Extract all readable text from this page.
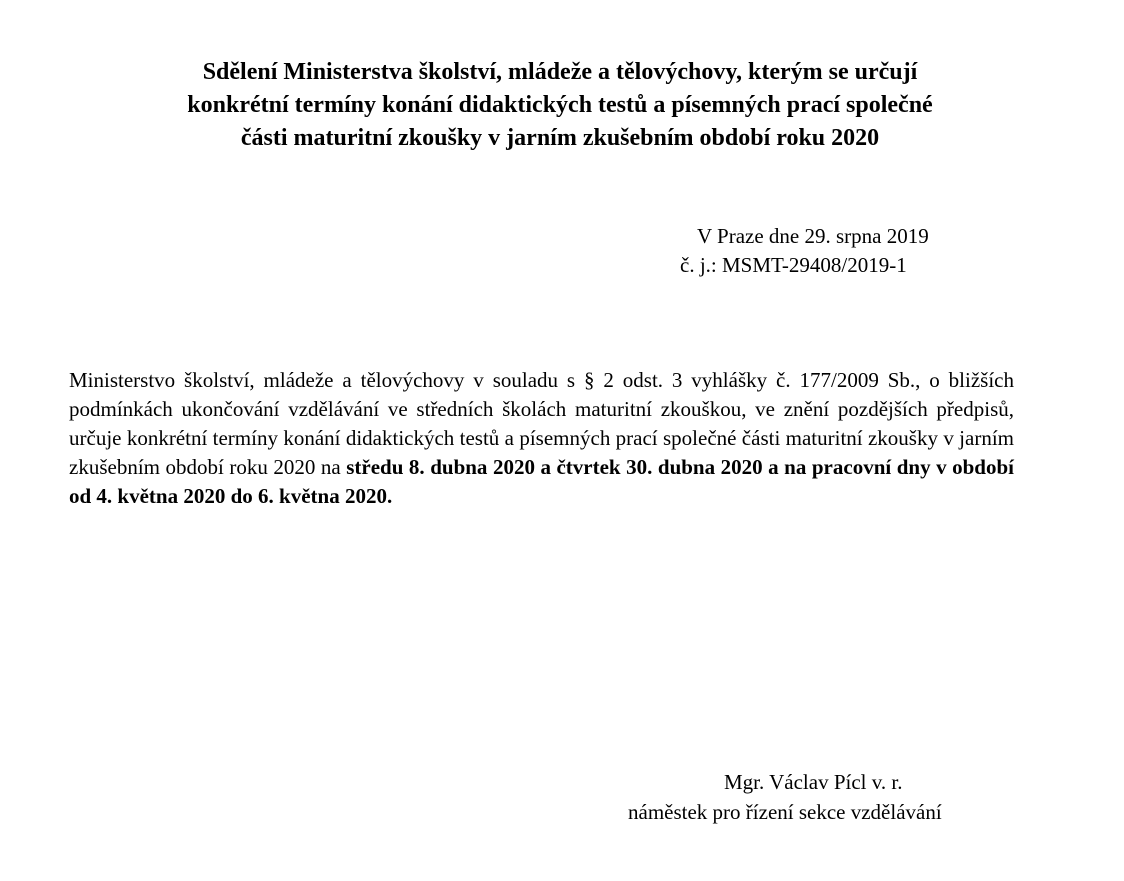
Sdělení Ministerstva školství, mládeže a tělovýchovy, kterým se určují
konkrétní termíny konání didaktických testů a písemných prací společné
části maturitní zkoušky v jarním zkušebním období roku 2020
V Praze dne 29. srpna 2019
č. j.: MSMT-29408/2019-1
Ministerstvo školství, mládeže a tělovýchovy v souladu s § 2 odst. 3 vyhlášky č. 177/2009 Sb., o bližších podmínkách ukončování vzdělávání ve středních školách maturitní zkouškou, ve znění pozdějších předpisů, určuje konkrétní termíny konání didaktických testů a písemných prací společné části maturitní zkoušky v jarním zkušebním období roku 2020 na středu 8. dubna 2020 a čtvrtek 30. dubna 2020 a na pracovní dny v období od 4. května 2020 do 6. května 2020.
Mgr. Václav Pícl v. r.
náměstek pro řízení sekce vzdělávání
